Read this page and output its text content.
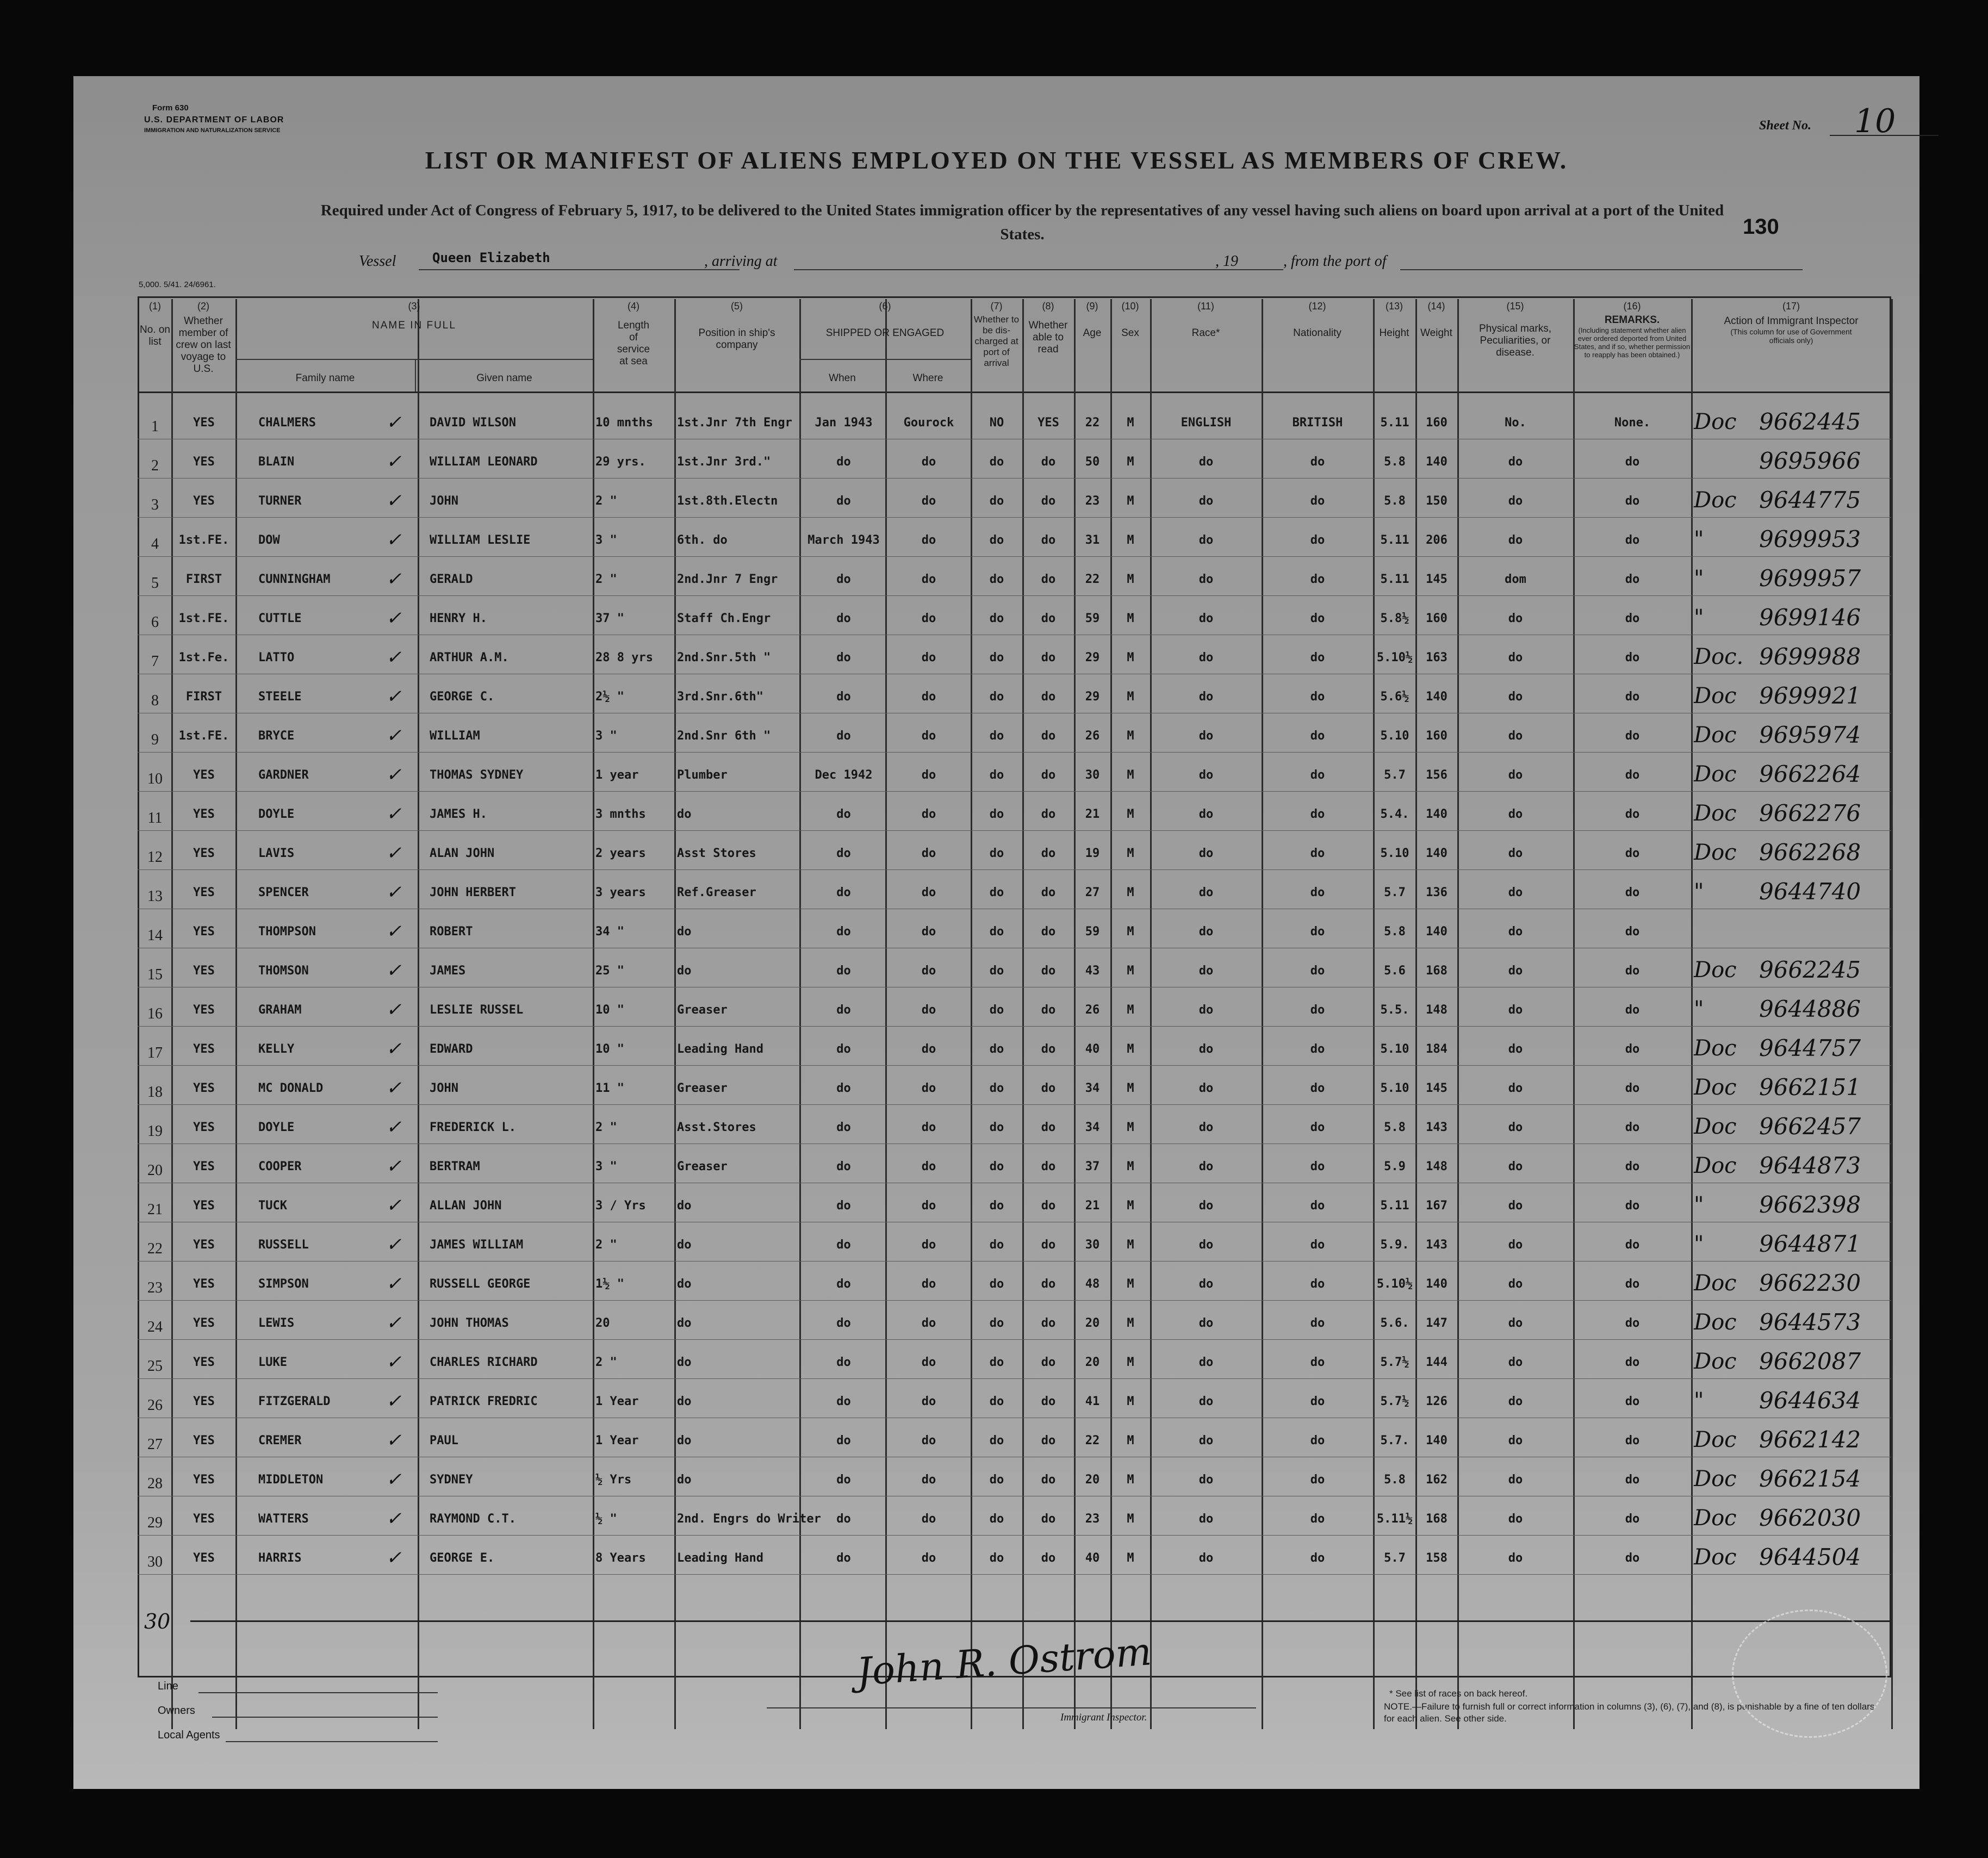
Form 630
U.S. DEPARTMENT OF LABOR
IMMIGRATION AND NATURALIZATION SERVICE
5,000. 5/41. 24/6961.
Sheet No. 10
130
LIST OR MANIFEST OF ALIENS EMPLOYED ON THE VESSEL AS MEMBERS OF CREW.
Required under Act of Congress of February 5, 1917, to be delivered to the United States immigration officer by the representatives of any vessel having such aliens on board upon arrival at a port of the United States.
Vessel	Queen Elizabeth	, arriving at	, 19	, from the port of
(1)
No. on list
(2)
Whether member of crew on last voyage to U.S.
(3)
NAME IN FULL
Family name	Given name
(4)
Length of service at sea
(5)
Position in ship's company
(6)
SHIPPED OR ENGAGED
When	Where
(7)
Whether to be dis-charged at port of arrival
(8)
Whether able to read
(9)
Age
(10)
Sex
(11)
Race*
(12)
Nationality
(13)
Height
(14)
Weight
(15)
Physical marks, Peculiarities, or disease.
(16)
REMARKS.
(Including statement whether alien ever ordered deported from United States, and if so, whether permission to reapply has been obtained.)
(17)
Action of Immigrant Inspector
(This column for use of Government officials only)
1	YES	CHALMERS	DAVID WILSON	10 mnths	1st.Jnr 7th Engr	Jan 1943	Gourock	NO	YES	22	M	ENGLISH	BRITISH	5.11	160	No.	None.	Doc 9662445
✓
2	YES	BLAIN	WILLIAM LEONARD	29 yrs.	1st.Jnr 3rd."	do	do	do	do	50	M	do	do	5.8	140	do	do	9695966
✓
3	YES	TURNER	JOHN	2 "	1st.8th.Electn	do	do	do	do	23	M	do	do	5.8	150	do	do	Doc 9644775
✓
4	1st.FE.	DOW	WILLIAM LESLIE	3 "	6th. do	March 1943	do	do	do	31	M	do	do	5.11	206	do	do	"	9699953
✓
5	FIRST	CUNNINGHAM	GERALD	2 "	2nd.Jnr 7 Engr	do	do	do	do	22	M	do	do	5.11	145	dom	do	"	9699957
✓
6	1st.FE.	CUTTLE	HENRY H.	37 "	Staff Ch.Engr	do	do	do	do	59	M	do	do	5.8½	160	do	do	"	9699146
✓
7	1st.Fe.	LATTO	ARTHUR A.M.	28 8 yrs	2nd.Snr.5th "	do	do	do	do	29	M	do	do	5.10½	163	do	do	Doc. 9699988
✓
8	FIRST	STEELE	GEORGE C.	2½ "	3rd.Snr.6th"	do	do	do	do	29	M	do	do	5.6½	140	do	do	Doc 9699921
✓
9	1st.FE.	BRYCE	WILLIAM	3 "	2nd.Snr 6th "	do	do	do	do	26	M	do	do	5.10	160	do	do	Doc 9695974
✓
10	YES	GARDNER	THOMAS SYDNEY	1 year	Plumber	Dec 1942	do	do	do	30	M	do	do	5.7	156	do	do	Doc 9662264
✓
11	YES	DOYLE	JAMES H.	3 mnths	do	do	do	do	do	21	M	do	do	5.4.	140	do	do	Doc 9662276
✓
12	YES	LAVIS	ALAN JOHN	2 years	Asst Stores	do	do	do	do	19	M	do	do	5.10	140	do	do	Doc 9662268
✓
13	YES	SPENCER	JOHN HERBERT	3 years	Ref.Greaser	do	do	do	do	27	M	do	do	5.7	136	do	do	"	9644740
✓
14	YES	THOMPSON	ROBERT	34 "	do	do	do	do	do	59	M	do	do	5.8	140	do	do
✓
15	YES	THOMSON	JAMES	25 "	do	do	do	do	do	43	M	do	do	5.6	168	do	do	Doc 9662245
✓
16	YES	GRAHAM	LESLIE RUSSEL	10 "	Greaser	do	do	do	do	26	M	do	do	5.5.	148	do	do	"	9644886
✓
17	YES	KELLY	EDWARD	10 "	Leading Hand	do	do	do	do	40	M	do	do	5.10	184	do	do	Doc 9644757
✓
18	YES	MC DONALD	JOHN	11 "	Greaser	do	do	do	do	34	M	do	do	5.10	145	do	do	Doc 9662151
✓
19	YES	DOYLE	FREDERICK L.	2 "	Asst.Stores	do	do	do	do	34	M	do	do	5.8	143	do	do	Doc 9662457
✓
20	YES	COOPER	BERTRAM	3 "	Greaser	do	do	do	do	37	M	do	do	5.9	148	do	do	Doc 9644873
✓
21	YES	TUCK	ALLAN JOHN	3 / Yrs	do	do	do	do	do	21	M	do	do	5.11	167	do	do	"	9662398
✓
22	YES	RUSSELL	JAMES WILLIAM	2 "	do	do	do	do	do	30	M	do	do	5.9.	143	do	do	"	9644871
✓
23	YES	SIMPSON	RUSSELL GEORGE	1½ "	do	do	do	do	do	48	M	do	do	5.10½	140	do	do	Doc 9662230
✓
24	YES	LEWIS	JOHN THOMAS	20	do	do	do	do	do	20	M	do	do	5.6.	147	do	do	Doc 9644573
✓
25	YES	LUKE	CHARLES RICHARD	2 "	do	do	do	do	do	20	M	do	do	5.7½	144	do	do	Doc 9662087
✓
26	YES	FITZGERALD	PATRICK FREDRIC	1 Year	do	do	do	do	do	41	M	do	do	5.7½	126	do	do	"	9644634
✓
27	YES	CREMER	PAUL	1 Year	do	do	do	do	do	22	M	do	do	5.7.	140	do	do	Doc 9662142
✓
28	YES	MIDDLETON	SYDNEY	½ Yrs	do	do	do	do	do	20	M	do	do	5.8	162	do	do	Doc 9662154
✓
29	YES	WATTERS	RAYMOND C.T.	½ "	2nd. Engrs do Writer	do	do	do	do	23	M	do	do	5.11½	168	do	do	Doc 9662030
✓
30	YES	HARRIS	GEORGE E.	8 Years	Leading Hand	do	do	do	do	40	M	do	do	5.7	158	do	do	Doc 9644504
✓
30
Line
Owners
Local Agents
John R. Ostrom
Immigrant Inspector.
* See list of races on back hereof.
NOTE.—Failure to furnish full or correct information in columns (3), (6), (7), and (8), is punishable by a fine of ten dollars for each alien. See other side.
